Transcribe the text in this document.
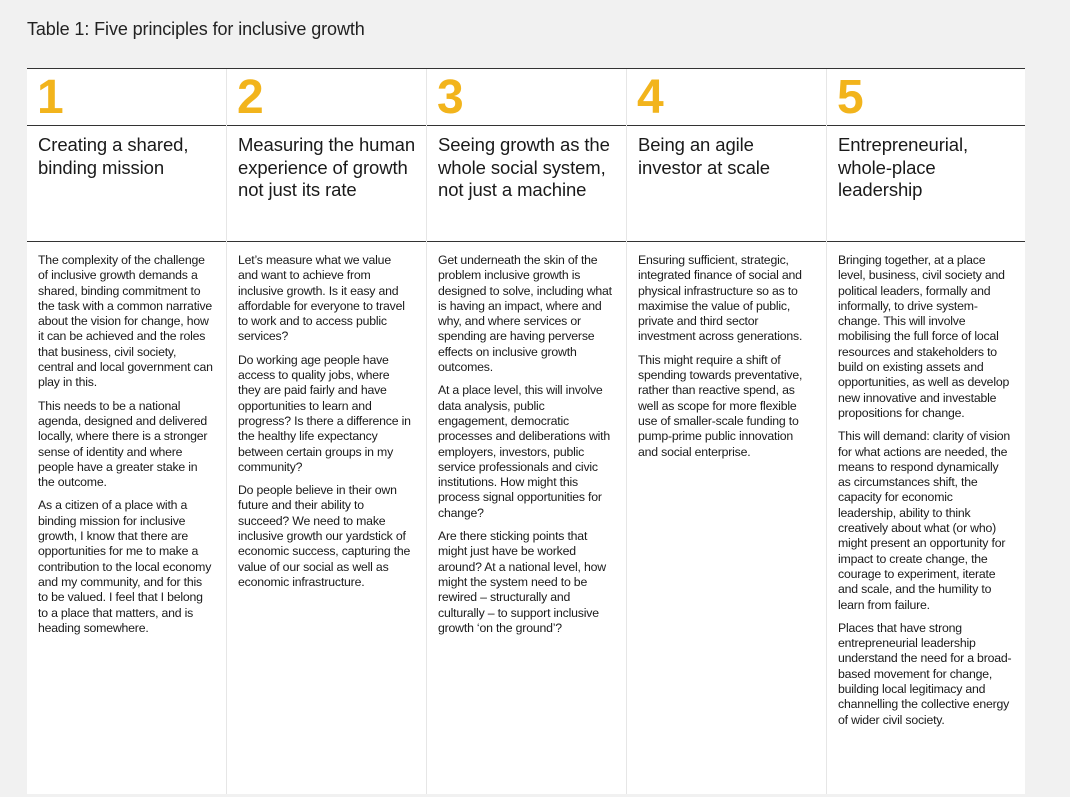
Table 1: Five principles for inclusive growth
1
Creating a shared, binding mission

The complexity of the challenge of inclusive growth demands a shared, binding commitment to the task with a common narrative about the vision for change, how it can be achieved and the roles that business, civil society, central and local government can play in this.

This needs to be a national agenda, designed and delivered locally, where there is a stronger sense of identity and where people have a greater stake in the outcome.

As a citizen of a place with a binding mission for inclusive growth, I know that there are opportunities for me to make a contribution to the local economy and my community, and for this to be valued. I feel that I belong to a place that matters, and is heading somewhere.

2
Measuring the human experience of growth not just its rate

Let’s measure what we value and want to achieve from inclusive growth. Is it easy and affordable for everyone to travel to work and to access public services?

Do working age people have access to quality jobs, where they are paid fairly and have opportunities to learn and progress? Is there a difference in the healthy life expectancy between certain groups in my community?

Do people believe in their own future and their ability to succeed? We need to make inclusive growth our yardstick of economic success, capturing the value of our social as well as economic infrastructure.

3
Seeing growth as the whole social system, not just a machine

Get underneath the skin of the problem inclusive growth is designed to solve, including what is having an impact, where and why, and where services or spending are having perverse effects on inclusive growth outcomes.

At a place level, this will involve data analysis, public engagement, democratic processes and deliberations with employers, investors, public service professionals and civic institutions. How might this process signal opportunities for change?

Are there sticking points that might just have be worked around? At a national level, how might the system need to be rewired – structurally and culturally – to support inclusive growth ‘on the ground’?

4
Being an agile investor at scale

Ensuring sufficient, strategic, integrated finance of social and physical infrastructure so as to maximise the value of public, private and third sector investment across generations.

This might require a shift of spending towards preventative, rather than reactive spend, as well as scope for more flexible use of smaller-scale funding to pump-prime public innovation and social enterprise.

5
Entrepreneurial, whole-place leadership

Bringing together, at a place level, business, civil society and political leaders, formally and informally, to drive system-change. This will involve mobilising the full force of local resources and stakeholders to build on existing assets and opportunities, as well as develop new innovative and investable propositions for change.

This will demand: clarity of vision for what actions are needed, the means to respond dynamically as circumstances shift, the capacity for economic leadership, ability to think creatively about what (or who) might present an opportunity for impact to create change, the courage to experiment, iterate and scale, and the humility to learn from failure.

Places that have strong entrepreneurial leadership understand the need for a broad-based movement for change, building local legitimacy and channelling the collective energy of wider civil society.
